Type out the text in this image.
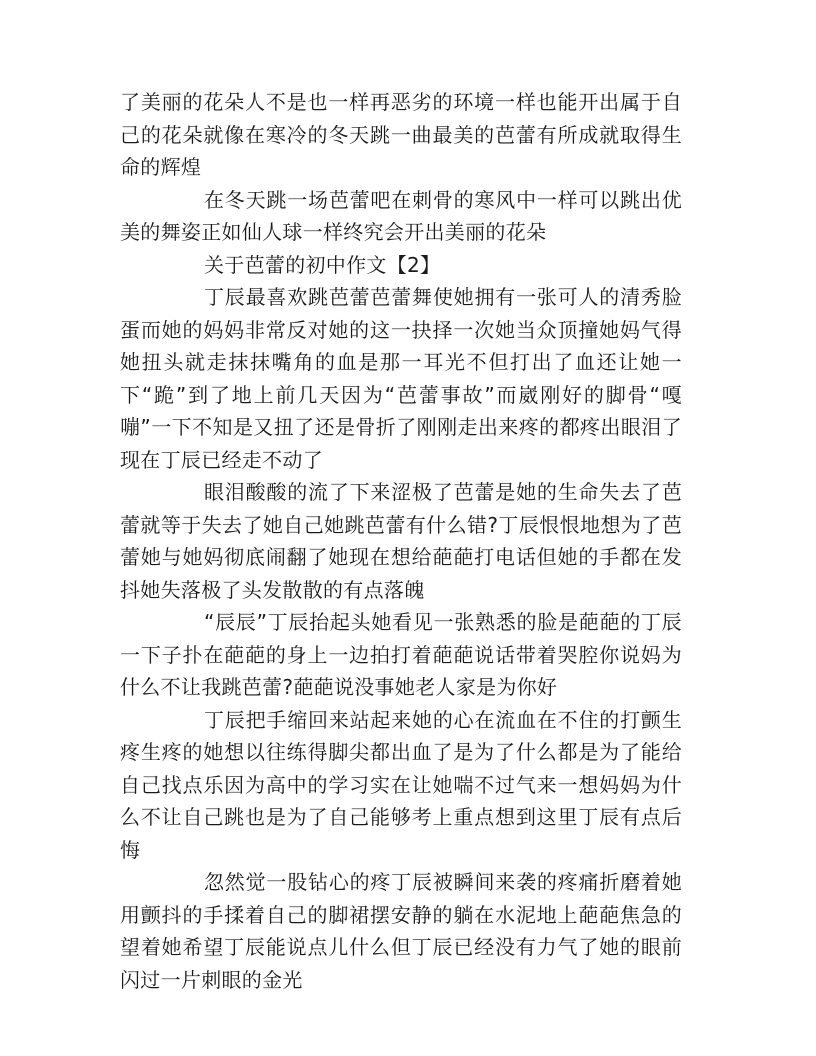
了美丽的花朵人不是也一样再恶劣的环境一样也能开出属于自己的花朵就像在寒冷的冬天跳一曲最美的芭蕾有所成就取得生命的辉煌

在冬天跳一场芭蕾吧在刺骨的寒风中一样可以跳出优美的舞姿正如仙人球一样终究会开出美丽的花朵

关于芭蕾的初中作文【2】

丁辰最喜欢跳芭蕾芭蕾舞使她拥有一张可人的清秀脸蛋而她的妈妈非常反对她的这一抉择一次她当众顶撞她妈气得她扭头就走抹抹嘴角的血是那一耳光不但打出了血还让她一下“跪”到了地上前几天因为“芭蕾事故”而崴刚好的脚骨“嘎嘣”一下不知是又扭了还是骨折了刚刚走出来疼的都疼出眼泪了现在丁辰已经走不动了

眼泪酸酸的流了下来涩极了芭蕾是她的生命失去了芭蕾就等于失去了她自己她跳芭蕾有什么错?丁辰恨恨地想为了芭蕾她与她妈彻底闹翻了她现在想给葩葩打电话但她的手都在发抖她失落极了头发散散的有点落魄

“辰辰”丁辰抬起头她看见一张熟悉的脸是葩葩的丁辰一下子扑在葩葩的身上一边拍打着葩葩说话带着哭腔你说妈为什么不让我跳芭蕾?葩葩说没事她老人家是为你好

丁辰把手缩回来站起来她的心在流血在不住的打颤生疼生疼的她想以往练得脚尖都出血了是为了什么都是为了能给自己找点乐因为高中的学习实在让她喘不过气来一想妈妈为什么不让自己跳也是为了自己能够考上重点想到这里丁辰有点后悔

忽然觉一股钻心的疼丁辰被瞬间来袭的疼痛折磨着她用颤抖的手揉着自己的脚裙摆安静的躺在水泥地上葩葩焦急的望着她希望丁辰能说点儿什么但丁辰已经没有力气了她的眼前闪过一片刺眼的金光
